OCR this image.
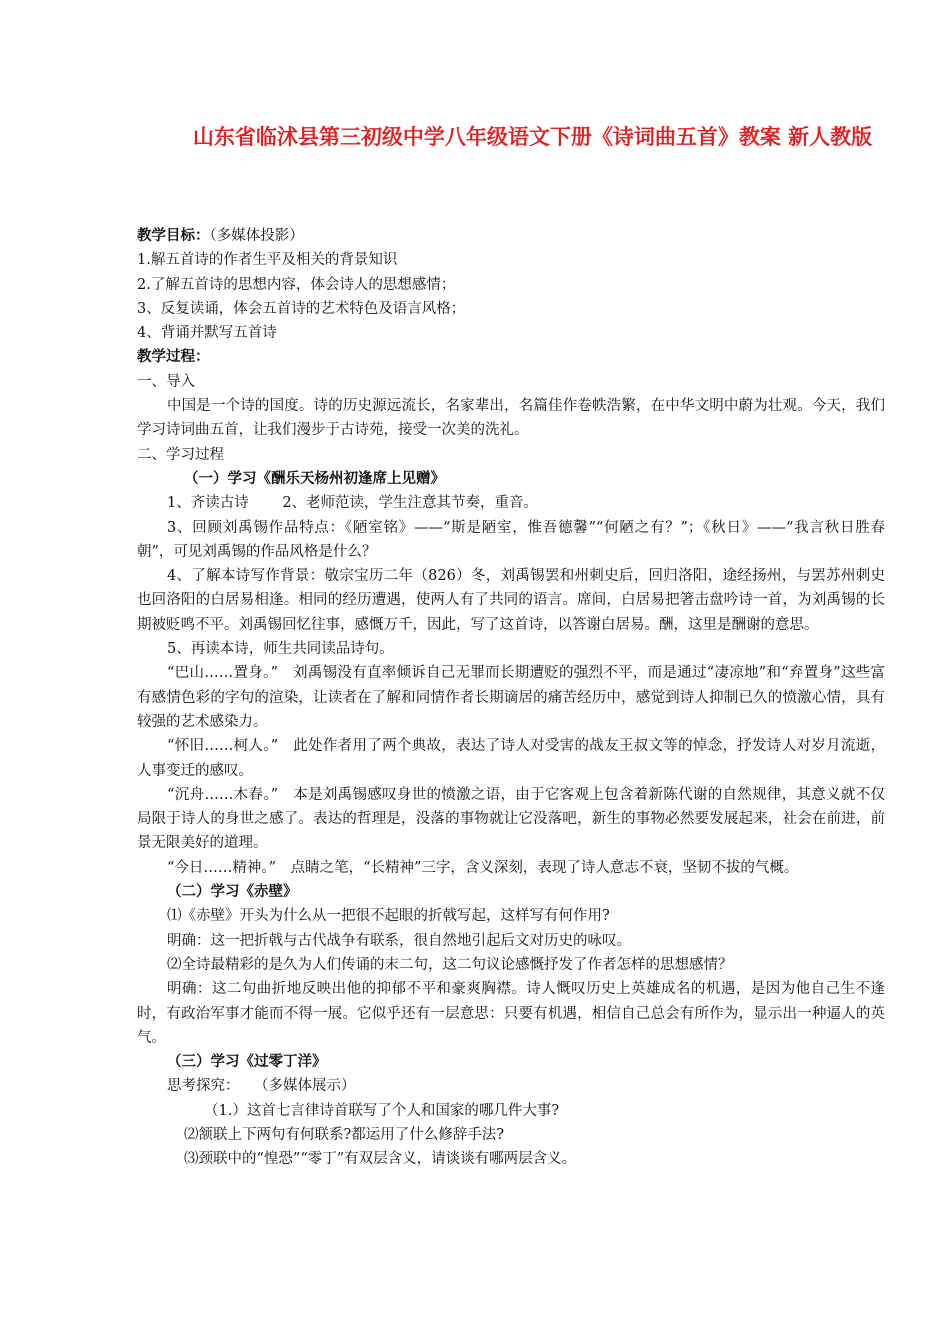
山东省临沭县第三初级中学八年级语文下册《诗词曲五首》教案 新人教版

教学目标：（多媒体投影）

1.解五首诗的作者生平及相关的背景知识

2.了解五首诗的思想内容，体会诗人的思想感情；

3、反复读诵，体会五首诗的艺术特色及语言风格；

4、背诵并默写五首诗

教学过程：

一、导入

中国是一个诗的国度。诗的历史源远流长，名家辈出，名篇佳作卷帙浩繁，在中华文明中蔚为壮观。今天，我们学习诗词曲五首，让我们漫步于古诗苑，接受一次美的洗礼。

二、学习过程

（一）学习《酬乐天杨州初逢席上见赠》

1、齐读古诗　　 2、老师范读，学生注意其节奏，重音。

3、回顾刘禹锡作品特点：《陋室铭》——“斯是陋室，惟吾德馨”“何陋之有？”；《秋日》——“我言秋日胜春朝”，可见刘禹锡的作品风格是什么？

4、了解本诗写作背景：敬宗宝历二年（826）冬，刘禹锡罢和州刺史后，回归洛阳，途经扬州，与罢苏州刺史也回洛阳的白居易相逢。相同的经历遭遇，使两人有了共同的语言。席间，白居易把箸击盘吟诗一首，为刘禹锡的长期被贬鸣不平。刘禹锡回忆往事，感慨万千，因此，写了这首诗，以答谢白居易。酬，这里是酬谢的意思。

5、再读本诗，师生共同读品诗句。

“巴山……置身。”　刘禹锡没有直率倾诉自己无罪而长期遭贬的强烈不平，而是通过“凄凉地”和“弃置身”这些富有感情色彩的字句的渲染，让读者在了解和同情作者长期谪居的痛苦经历中，感觉到诗人抑制已久的愤激心情，具有较强的艺术感染力。

“怀旧……柯人。”　此处作者用了两个典故，表达了诗人对受害的战友王叔文等的悼念，抒发诗人对岁月流逝，人事变迁的感叹。

“沉舟……木春。”　本是刘禹锡感叹身世的愤激之语，由于它客观上包含着新陈代谢的自然规律，其意义就不仅局限于诗人的身世之感了。表达的哲理是，没落的事物就让它没落吧，新生的事物必然要发展起来，社会在前进，前景无限美好的道理。

“今日……精神。”　点睛之笔，“长精神”三字，含义深刻，表现了诗人意志不衰，坚韧不拔的气概。

（二）学习《赤壁》

⑴《赤壁》开头为什么从一把很不起眼的折戟写起，这样写有何作用?

明确：这一把折戟与古代战争有联系，很自然地引起后文对历史的咏叹。

⑵全诗最精彩的是久为人们传诵的末二句，这二句议论感慨抒发了作者怎样的思想感情？

明确：这二句曲折地反映出他的抑郁不平和豪爽胸襟。诗人慨叹历史上英雄成名的机遇，是因为他自己生不逢时，有政治军事才能而不得一展。它似乎还有一层意思：只要有机遇，相信自己总会有所作为，显示出一种逼人的英气。

（三）学习《过零丁洋》

思考探究：　　（多媒体展示）

（1.）这首七言律诗首联写了个人和国家的哪几件大事?

⑵颔联上下两句有何联系?都运用了什么修辞手法?

⑶颈联中的“惶恐”“零丁”有双层含义，请谈谈有哪两层含义。
